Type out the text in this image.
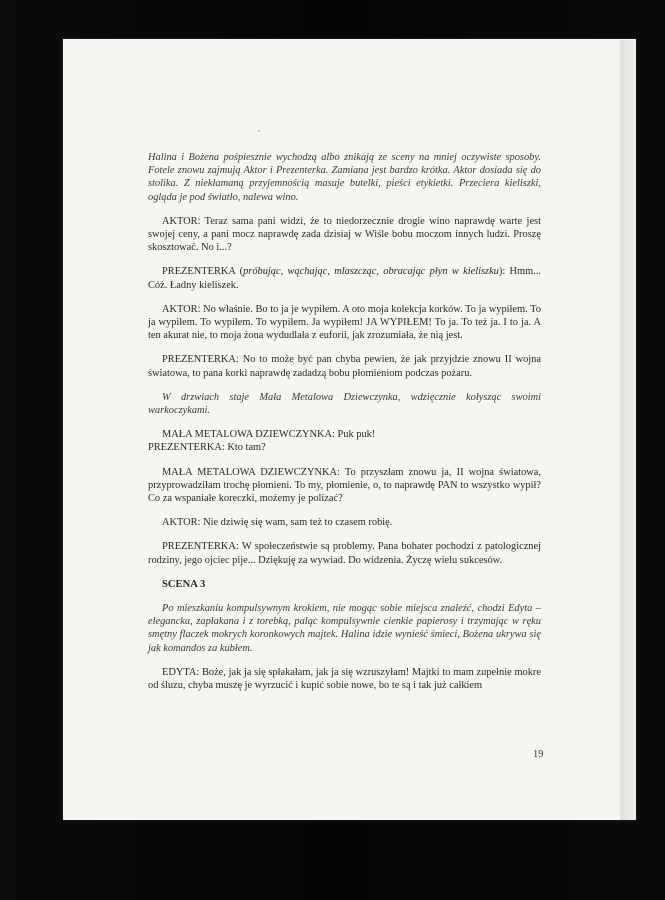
Halina i Bożena pośpiesznie wychodzą albo znikają ze sceny na mniej oczywiste sposoby. Fotele znowu zajmują Aktor i Prezenterka. Zamiana jest bardzo krótka. Aktor dosiada się do stolika. Z niekłamaną przyjemnością masuje butelki, pieści etykietki. Przeciera kieliszki, ogląda je pod światło, nalewa wino.

AKTOR: Teraz sama pani widzi, że to niedorzecznie drogie wino naprawdę warte jest swojej ceny, a pani mocz naprawdę zada dzisiaj w Wiśle bobu moczom innych ludzi. Proszę skosztować. No i...?

PREZENTERKA (próbując, wąchając, mlaszcząc, obracając płyn w kieliszku): Hmm... Cóż. Ładny kieliszek.

AKTOR: No właśnie. Bo to ja je wypiłem. A oto moja kolekcja korków. To ja wypiłem. To ja wypiłem. To wypiłem. To wypiłem. Ja wypiłem! JA WYPIŁEM! To ja. To też ja. I to ja. A ten akurat nie, to moja żona wydudlała z euforii, jak zrozumiała, że nią jest.

PREZENTERKA: No to może być pan chyba pewien, że jak przyjdzie znowu II wojna światowa, to pana korki naprawdę zadadzą bobu płomieniom podczas pożaru.

W drzwiach staje Mała Metalowa Dziewczynka, wdzięcznie kołysząc swoimi warkoczykami.

MAŁA METALOWA DZIEWCZYNKA: Puk puk!

PREZENTERKA: Kto tam?

MAŁA METALOWA DZIEWCZYNKA: To przyszłam znowu ja, II wojna światowa, przyprowadziłam trochę płomieni. To my, płomienie, o, to naprawdę PAN to wszystko wypił? Co za wspaniałe koreczki, możemy je polizać?

AKTOR: Nie dziwię się wam, sam też to czasem robię.

PREZENTERKA: W społeczeństwie są problemy. Pana bohater pochodzi z patologicznej rodziny, jego ojciec pije... Dziękuję za wywiad. Do widzenia. Życzę wielu sukcesów.

SCENA 3

Po mieszkaniu kompulsywnym krokiem, nie mogąc sobie miejsca znaleźć, chodzi Edyta – elegancka, zapłakana i z torebką, paląc kompulsywnie cienkie papierosy i trzymając w ręku smętny flaczek mokrych koronkowych majtek. Halina idzie wynieść śmieci, Bożena ukrywa się jak komandos za kubłem.

EDYTA: Boże, jak ja się spłakałam, jak ja się wzruszyłam! Majtki to mam zupełnie mokre od śluzu, chyba muszę je wyrzucić i kupić sobie nowe, bo te są i tak już całkiem

19
